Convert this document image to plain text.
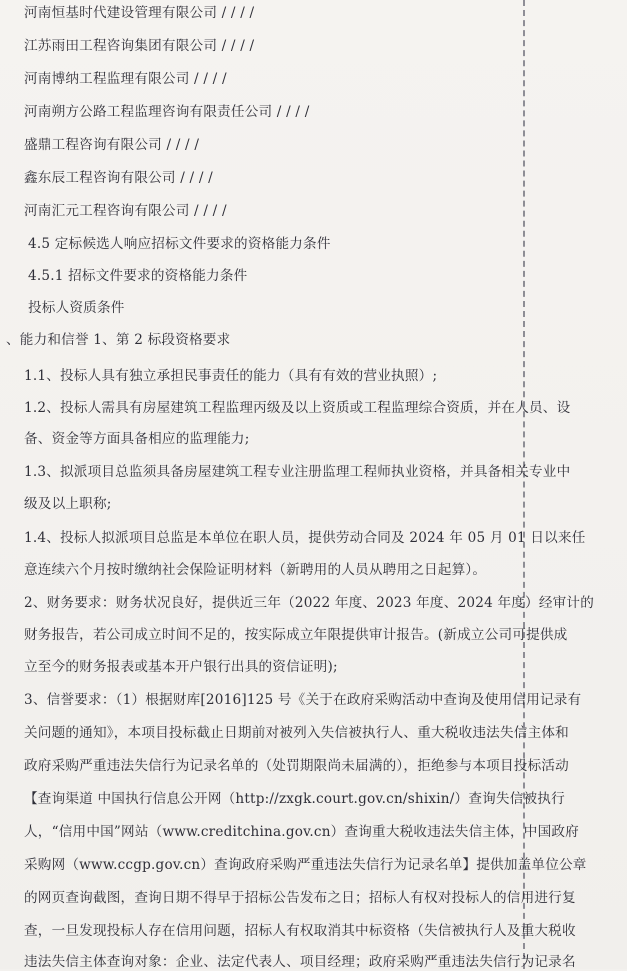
河南恒基时代建设管理有限公司 / / / /
江苏雨田工程咨询集团有限公司 / / / /
河南博纳工程监理有限公司 / / / /
河南朔方公路工程监理咨询有限责任公司 / / / /
盛鼎工程咨询有限公司 / / / /
鑫东辰工程咨询有限公司 / / / /
河南汇元工程咨询有限公司 / / / /
4.5 定标候选人响应招标文件要求的资格能力条件
4.5.1 招标文件要求的资格能力条件
投标人资质条件
、能力和信誉 1、第 2 标段资格要求
1.1、投标人具有独立承担民事责任的能力（具有有效的营业执照）;
1.2、投标人需具有房屋建筑工程监理丙级及以上资质或工程监理综合资质，并在人员、设
备、资金等方面具备相应的监理能力;
1.3、拟派项目总监须具备房屋建筑工程专业注册监理工程师执业资格，并具备相关专业中
级及以上职称;
1.4、投标人拟派项目总监是本单位在职人员，提供劳动合同及 2024 年 05 月 01 日以来任
意连续六个月按时缴纳社会保险证明材料（新聘用的人员从聘用之日起算）。
2、财务要求：财务状况良好，提供近三年（2022 年度、2023 年度、2024 年度）经审计的
财务报告，若公司成立时间不足的，按实际成立年限提供审计报告。(新成立公司可提供成
立至今的财务报表或基本开户银行出具的资信证明);
3、信誉要求：（1）根据财库[2016]125 号《关于在政府采购活动中查询及使用信用记录有
关问题的通知》，本项目投标截止日期前对被列入失信被执行人、重大税收违法失信主体和
政府采购严重违法失信行为记录名单的（处罚期限尚未届满的），拒绝参与本项目投标活动
【查询渠道 中国执行信息公开网（http://zxgk.court.gov.cn/shixin/）查询失信被执行
人，“信用中国”网站（www.creditchina.gov.cn）查询重大税收违法失信主体，中国政府
采购网（www.ccgp.gov.cn）查询政府采购严重违法失信行为记录名单】提供加盖单位公章
的网页查询截图，查询日期不得早于招标公告发布之日；招标人有权对投标人的信用进行复
查，一旦发现投标人存在信用问题，招标人有权取消其中标资格（失信被执行人及重大税收
违法失信主体查询对象：企业、法定代表人、项目经理；政府采购严重违法失信行为记录名
